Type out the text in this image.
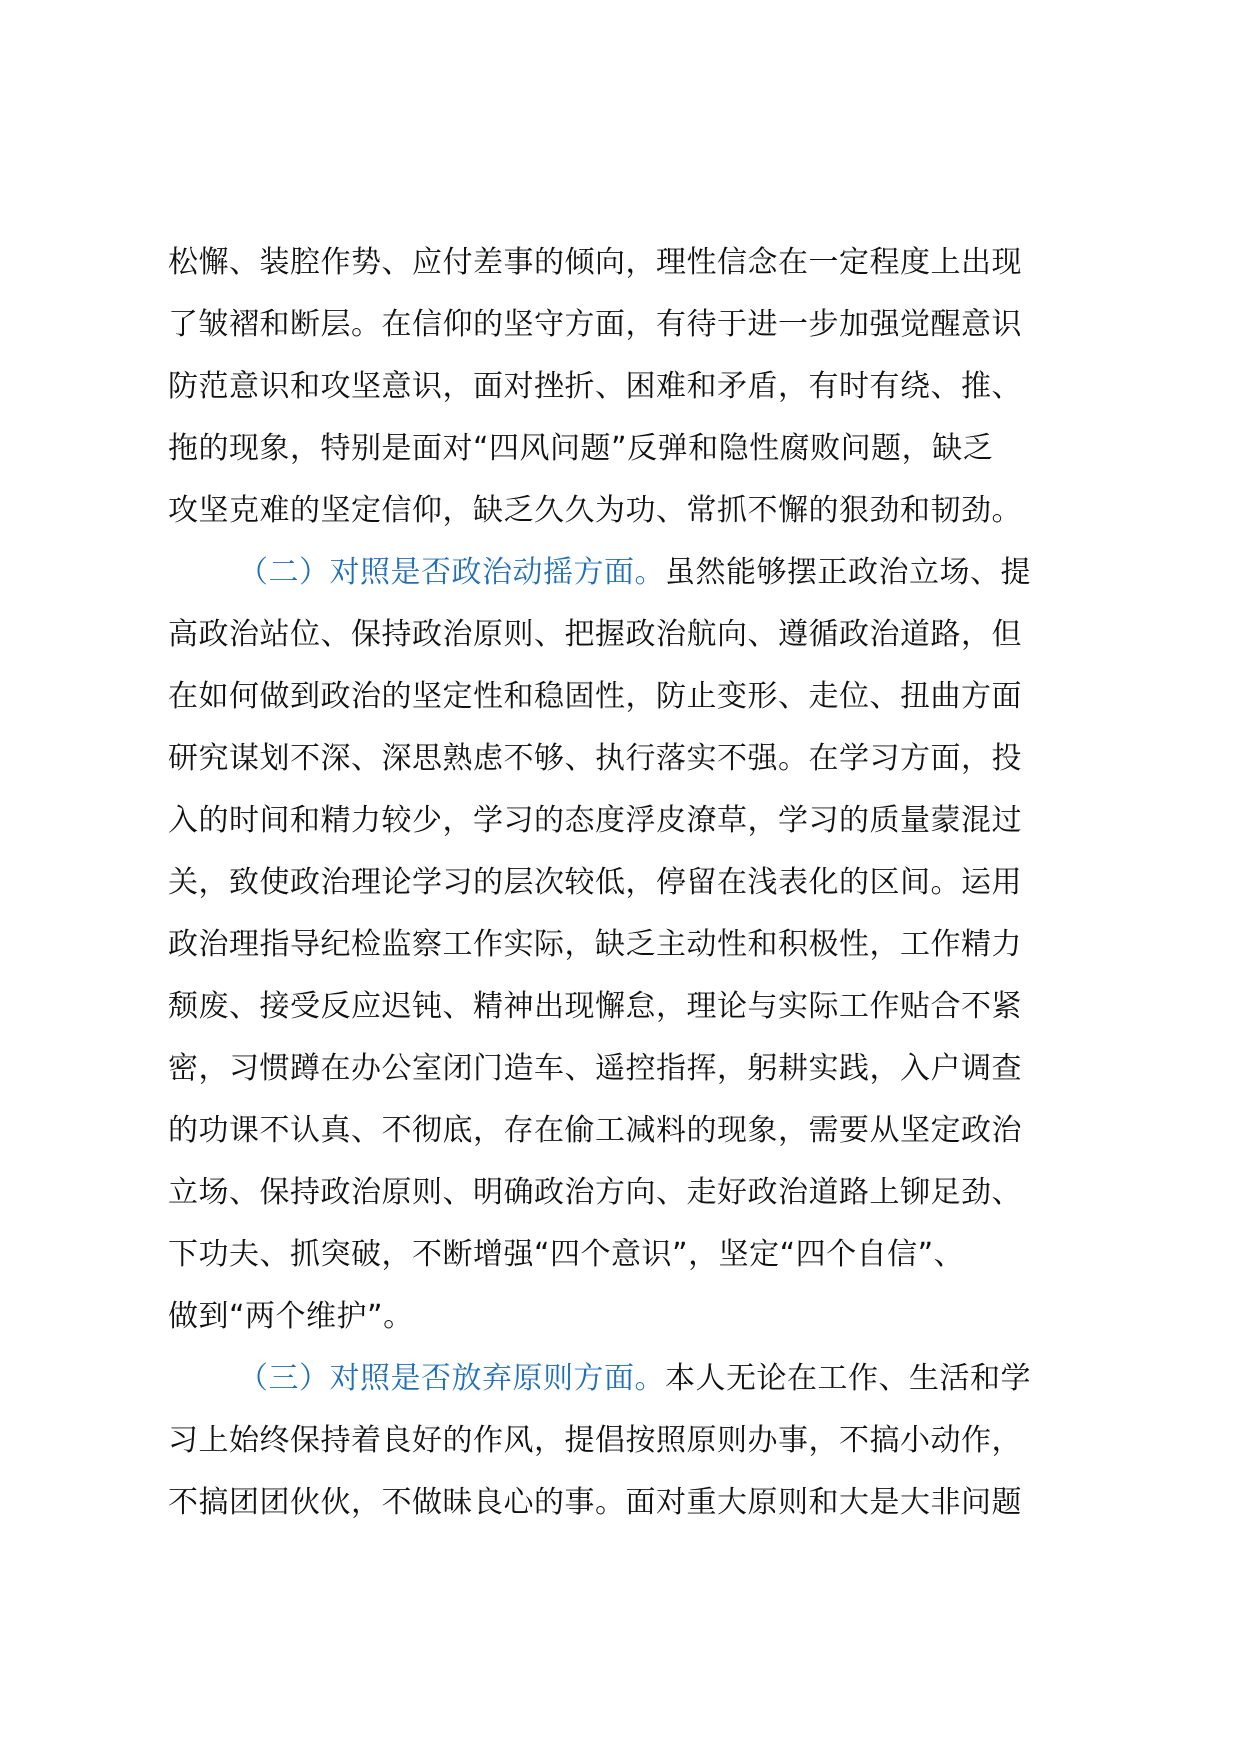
松懈、装腔作势、应付差事的倾向，理性信念在一定程度上出现
了皱褶和断层。在信仰的坚守方面，有待于进一步加强觉醒意识
防范意识和攻坚意识，面对挫折、困难和矛盾，有时有绕、推、
拖的现象，特别是面对“四风问题”反弹和隐性腐败问题，缺乏
攻坚克难的坚定信仰，缺乏久久为功、常抓不懈的狠劲和韧劲。
（二）对照是否政治动摇方面。虽然能够摆正政治立场、提
高政治站位、保持政治原则、把握政治航向、遵循政治道路，但
在如何做到政治的坚定性和稳固性，防止变形、走位、扭曲方面
研究谋划不深、深思熟虑不够、执行落实不强。在学习方面，投
入的时间和精力较少，学习的态度浮皮潦草，学习的质量蒙混过
关，致使政治理论学习的层次较低，停留在浅表化的区间。运用
政治理指导纪检监察工作实际，缺乏主动性和积极性，工作精力
颓废、接受反应迟钝、精神出现懈怠，理论与实际工作贴合不紧
密，习惯蹲在办公室闭门造车、遥控指挥，躬耕实践，入户调查
的功课不认真、不彻底，存在偷工减料的现象，需要从坚定政治
立场、保持政治原则、明确政治方向、走好政治道路上铆足劲、
下功夫、抓突破，不断增强“四个意识”，坚定“四个自信”、
做到“两个维护”。
（三）对照是否放弃原则方面。本人无论在工作、生活和学
习上始终保持着良好的作风，提倡按照原则办事，不搞小动作，
不搞团团伙伙，不做昧良心的事。面对重大原则和大是大非问题
